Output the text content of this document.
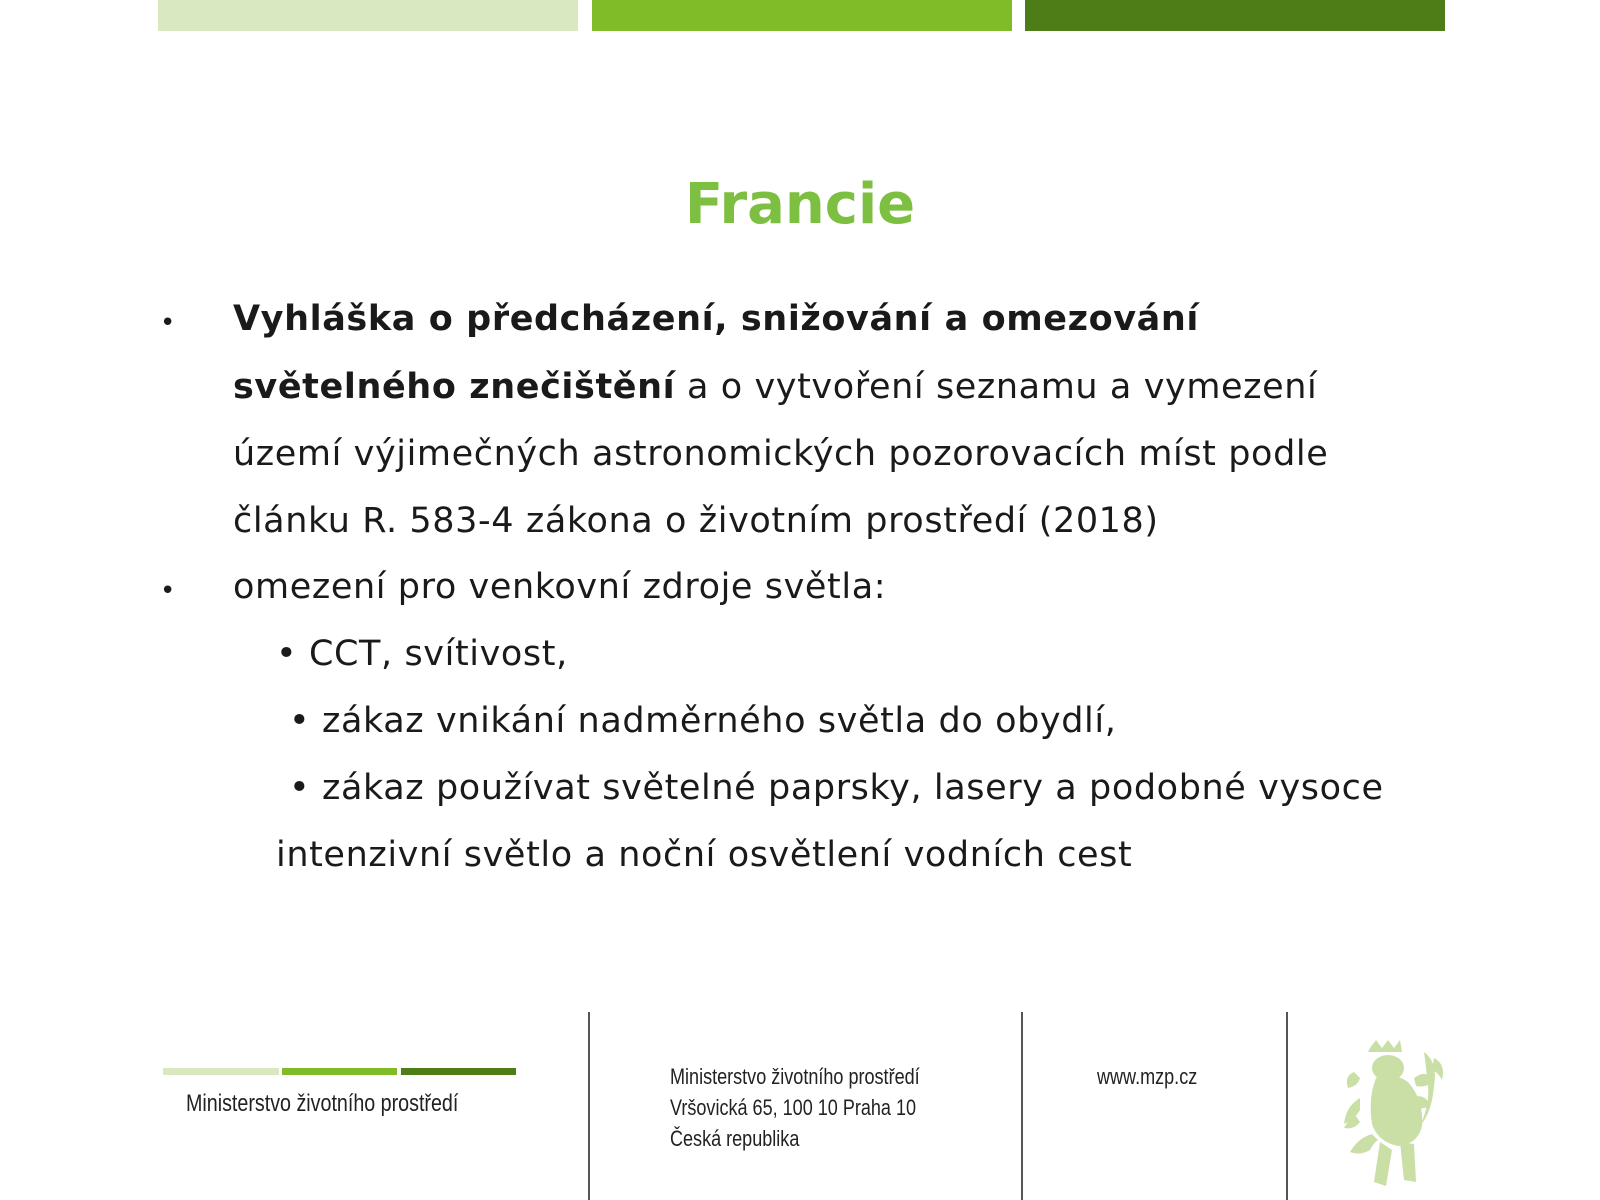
Francie
• Vyhláška o předcházení, snižování a omezování
světelného znečištění a o vytvoření seznamu a vymezení
území výjimečných astronomických pozorovacích míst podle
článku R. 583-4 zákona o životním prostředí (2018)
• omezení pro venkovní zdroje světla:
• CCT, svítivost,
• zákaz vnikání nadměrného světla do obydlí,
• zákaz používat světelné paprsky, lasery a podobné vysoce
intenzivní světlo a noční osvětlení vodních cest
Ministerstvo životního prostředí
Ministerstvo životního prostředí
Vršovická 65, 100 10 Praha 10
Česká republika
www.mzp.cz
